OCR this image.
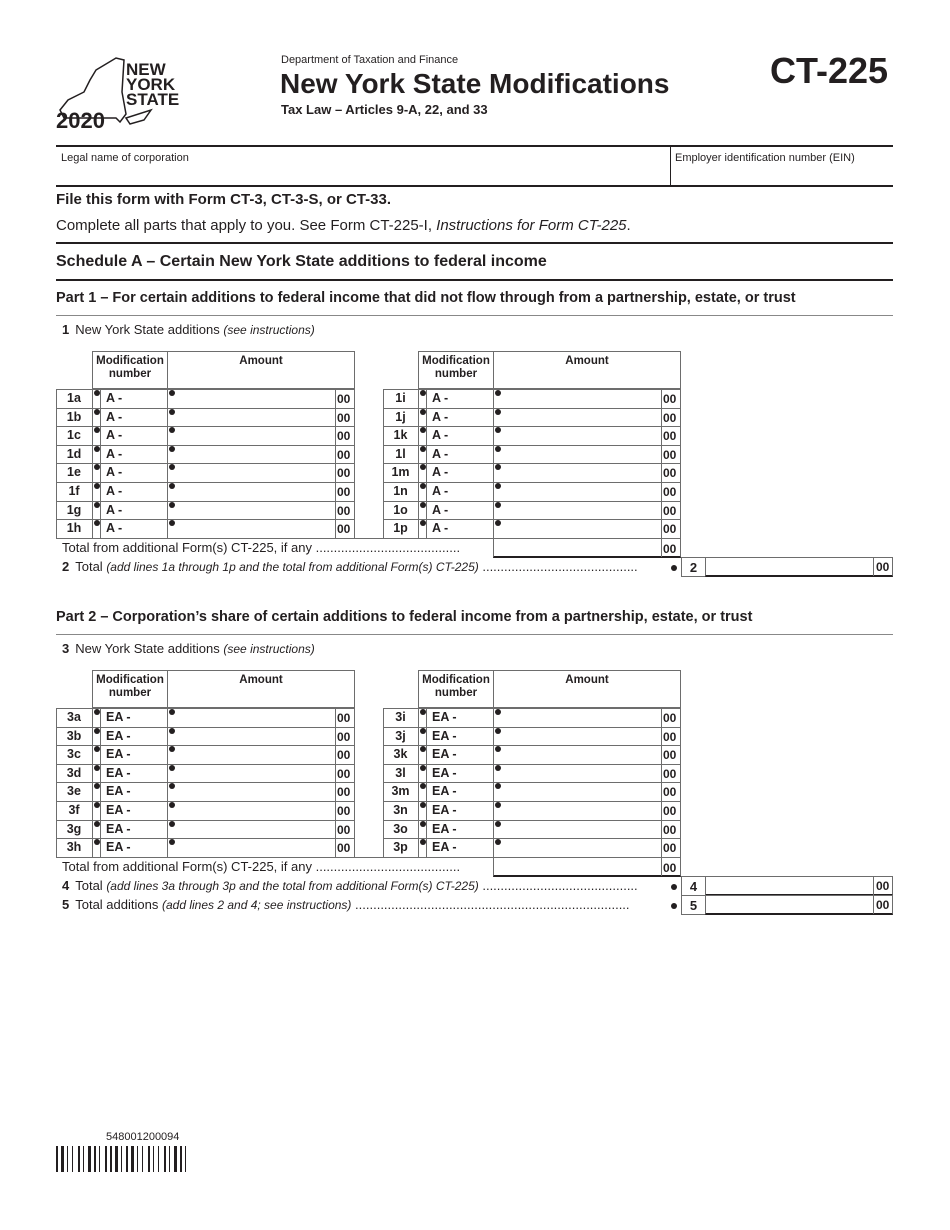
NEW
YORK
STATE
2020
Department of Taxation and Finance
New York State Modifications
Tax Law – Articles 9-A, 22, and 33
CT-225
Legal name of corporation	Employer identification number (EIN)
File this form with Form CT-3, CT-3-S, or CT-33.
Complete all parts that apply to you. See Form CT-225-I, Instructions for Form CT-225.
Schedule A – Certain New York State additions to federal income
548001200094
Part 1 – For certain additions to federal income that did not flow through from a partnership, estate, or trust
1 New York State additions (see instructions)
Modification
number
Amount
1a	A -	00
1b	A -	00
1c	A -	00
1d	A -	00
1e	A -	00
1f	A -	00
1g	A -	00
1h	A -	00
Modification
number
Amount
1i	A -	00
1j	A -	00
1k	A -	00
1l	A -	00
1m	A -	00
1n	A -	00
1o	A -	00
1p	A -	00
Total from additional Form(s) CT-225, if any ........................................	00
2 Total (add lines 1a through 1p and the total from additional Form(s) CT-225) ...........................................	2	00
Part 2 – Corporation’s share of certain additions to federal income from a partnership, estate, or trust
3 New York State additions (see instructions)
Modification
number
Amount
3a	EA -	00
3b	EA -	00
3c	EA -	00
3d	EA -	00
3e	EA -	00
3f	EA -	00
3g	EA -	00
3h	EA -	00
Modification
number
Amount
3i	EA -	00
3j	EA -	00
3k	EA -	00
3l	EA -	00
3m	EA -	00
3n	EA -	00
3o	EA -	00
3p	EA -	00
Total from additional Form(s) CT-225, if any ........................................	00
4 Total (add lines 3a through 3p and the total from additional Form(s) CT-225) ...........................................	4	00
5 Total additions (add lines 2 and 4; see instructions) ............................................................................	5	00
